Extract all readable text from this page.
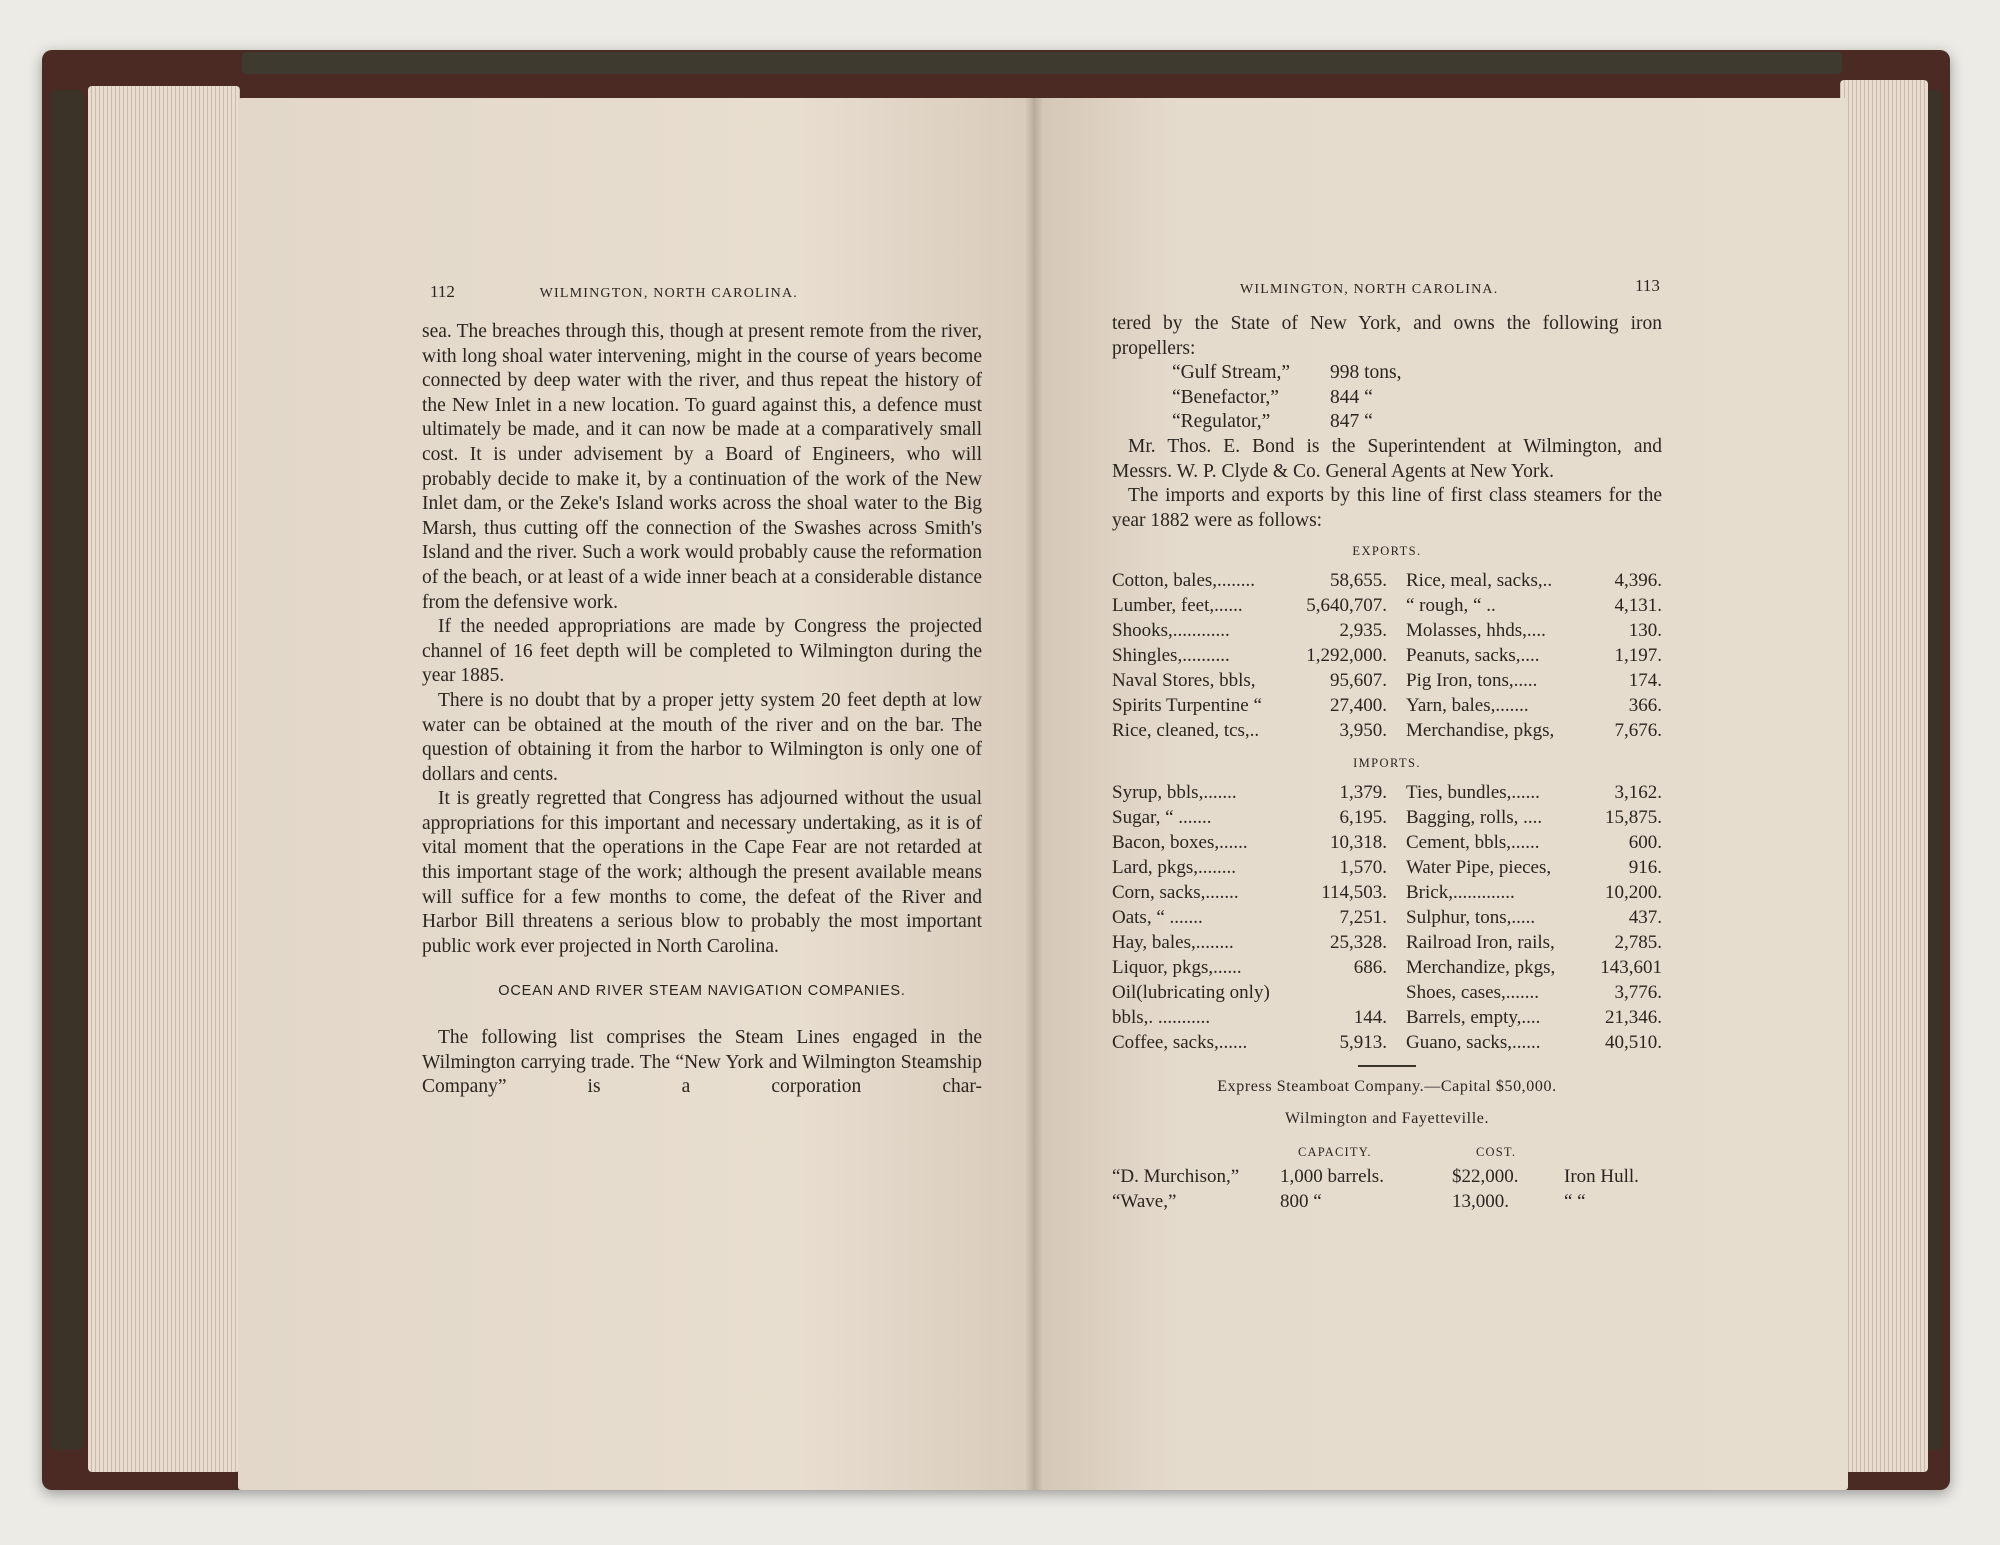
112	WILMINGTON, NORTH CAROLINA.

sea. The breaches through this, though at present remote from the river, with long shoal water intervening, might in the course of years become connected by deep water with the river, and thus repeat the history of the New Inlet in a new location. To guard against this, a defence must ultimately be made, and it can now be made at a comparatively small cost. It is under advisement by a Board of Engineers, who will probably decide to make it, by a continuation of the work of the New Inlet dam, or the Zeke's Island works across the shoal water to the Big Marsh, thus cutting off the connection of the Swashes across Smith's Island and the river. Such a work would probably cause the reformation of the beach, or at least of a wide inner beach at a considerable distance from the defensive work.

If the needed appropriations are made by Congress the projected channel of 16 feet depth will be completed to Wilmington during the year 1885.

There is no doubt that by a proper jetty system 20 feet depth at low water can be obtained at the mouth of the river and on the bar. The question of obtaining it from the harbor to Wilmington is only one of dollars and cents.

It is greatly regretted that Congress has adjourned without the usual appropriations for this important and necessary undertaking, as it is of vital moment that the operations in the Cape Fear are not retarded at this important stage of the work; although the present available means will suffice for a few months to come, the defeat of the River and Harbor Bill threatens a serious blow to probably the most important public work ever projected in North Carolina.

OCEAN AND RIVER STEAM NAVIGATION COMPANIES.

The following list comprises the Steam Lines engaged in the Wilmington carrying trade. The “New York and Wilmington Steamship Company” is a corporation char-

WILMINGTON, NORTH CAROLINA.	113

tered by the State of New York, and owns the following iron propellers:

“Gulf Stream,”	998 tons,
“Benefactor,”	844 “
“Regulator,”	847 “

Mr. Thos. E. Bond is the Superintendent at Wilmington, and Messrs. W. P. Clyde & Co. General Agents at New York.

The imports and exports by this line of first class steamers for the year 1882 were as follows:

EXPORTS.
Cotton, bales,........	58,655. Rice, meal, sacks,..	4,396.
Lumber, feet,......	5,640,707. “ rough, “ ..	4,131.
Shooks,............	2,935. Molasses, hhds,....	130.
Shingles,..........	1,292,000. Peanuts, sacks,....	1,197.
Naval Stores, bbls,	95,607. Pig Iron, tons,.....	174.
Spirits Turpentine “	27,400. Yarn, bales,.......	366.
Rice, cleaned, tcs,..	3,950. Merchandise, pkgs,	7,676.
IMPORTS.
Syrup, bbls,.......	1,379. Ties, bundles,......	3,162.
Sugar, “ .......	6,195. Bagging, rolls, ....	15,875.
Bacon, boxes,......	10,318. Cement, bbls,......	600.
Lard, pkgs,........	1,570. Water Pipe, pieces,	916.
Corn, sacks,.......	114,503. Brick,.............	10,200.
Oats, “ .......	7,251. Sulphur, tons,.....	437.
Hay, bales,........	25,328. Railroad Iron, rails,	2,785.
Liquor, pkgs,......	686. Merchandize, pkgs, 143,601
Oil(lubricating only)	Shoes, cases,.......	3,776.
bbls,. ...........	144. Barrels, empty,....	21,346.
Coffee, sacks,......	5,913. Guano, sacks,......	40,510.
Express Steamboat Company.—Capital $50,000.
Wilmington and Fayetteville.
CAPACITY.	COST.
“D. Murchison,”	1,000 barrels.	$22,000.	Iron Hull.
“Wave,”	800 “	13,000.	“ “
